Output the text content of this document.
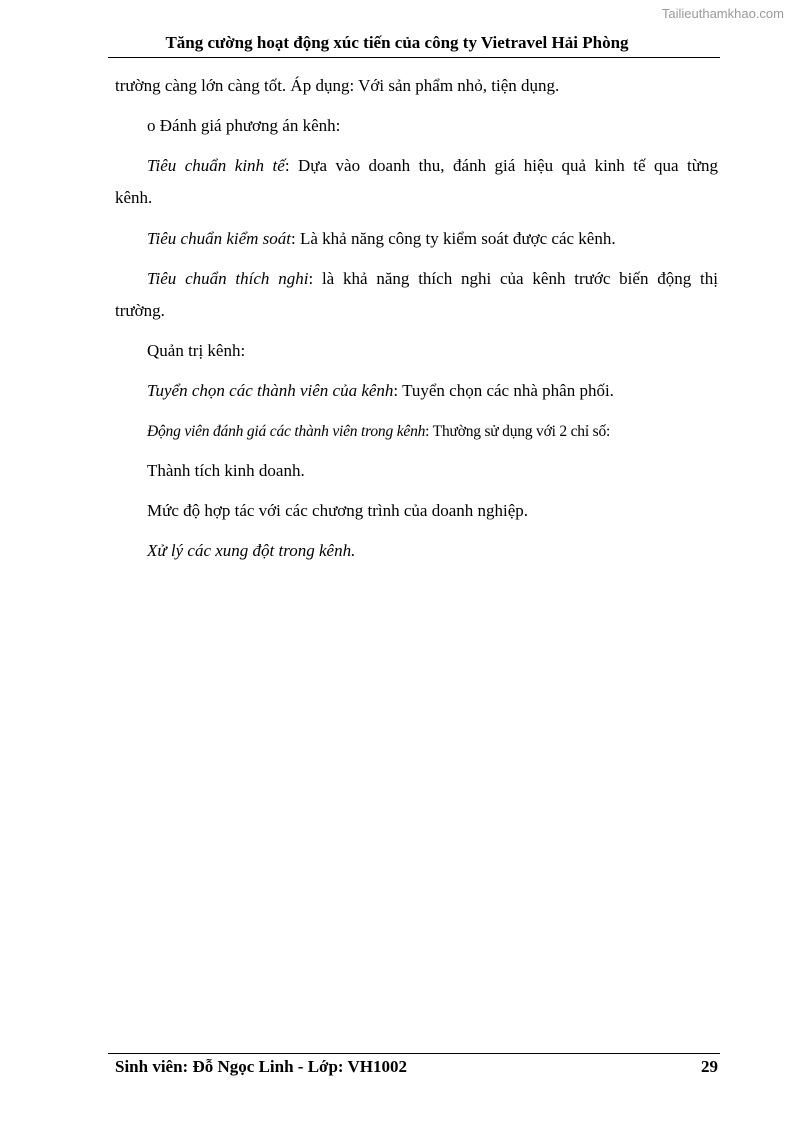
Tailieuthamkhao.com
Tăng cường hoạt động xúc tiến của công ty Vietravel Hải Phòng
trường càng lớn càng tốt. Áp dụng: Với sản phẩm nhỏ, tiện dụng.
o Đánh giá phương án kênh:
Tiêu chuẩn kinh tế: Dựa vào doanh thu, đánh giá hiệu quả kinh tế qua từng
kênh.
Tiêu chuẩn kiểm soát: Là khả năng công ty kiểm soát được các kênh.
Tiêu chuẩn thích nghi: là khả năng thích nghi của kênh trước biến động thị
trường.
Quản trị kênh:
Tuyển chọn các thành viên của kênh: Tuyển chọn các nhà phân phối.
Động viên đánh giá các thành viên trong kênh: Thường sử dụng với 2 chỉ số:
Thành tích kinh doanh.
Mức độ hợp tác với các chương trình của doanh nghiệp.
Xử lý các xung đột trong kênh.
Sinh viên: Đỗ Ngọc Linh - Lớp: VH1002	29
